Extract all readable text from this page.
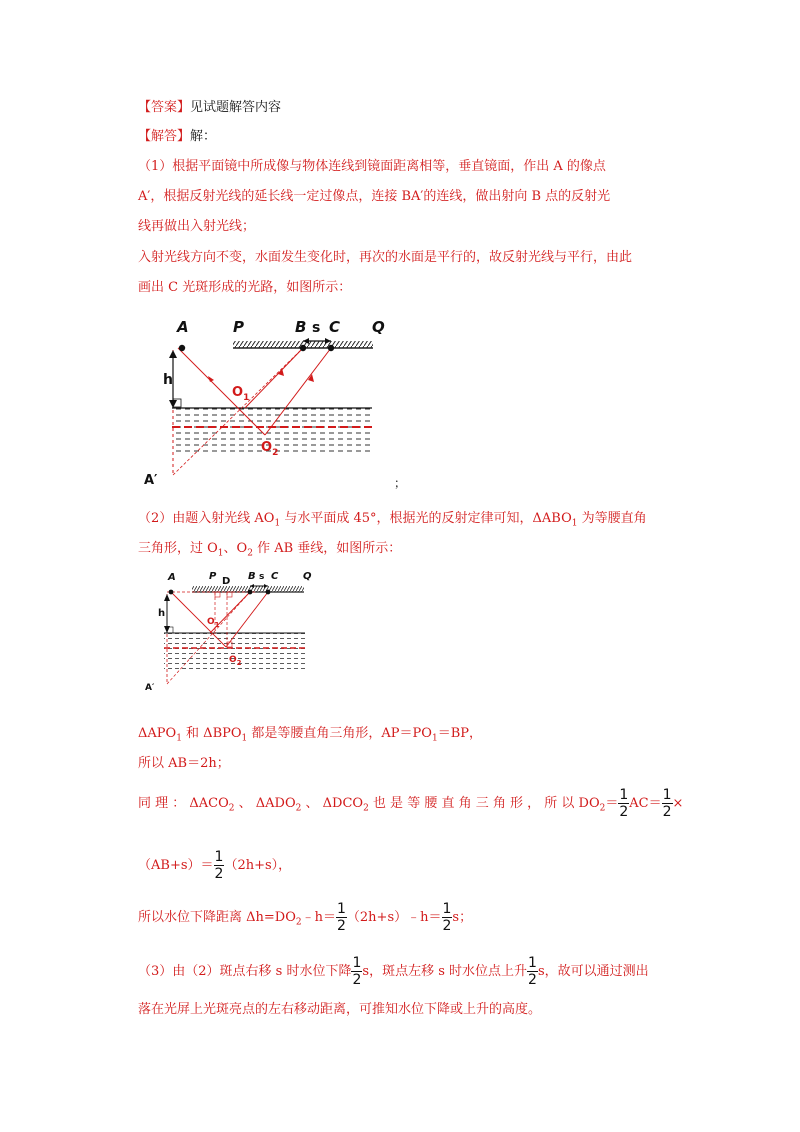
【答案】见试题解答内容
【解答】解：
（1）根据平面镜中所成像与物体连线到镜面距离相等，垂直镜面，作出 A 的像点
A′，根据反射光线的延长线一定过像点，连接 BA′的连线，做出射向 B 点的反射光
线再做出入射光线；
入射光线方向不变，水面发生变化时，再次的水面是平行的，故反射光线与平行，由此
画出 C 光斑形成的光路，如图所示：
A	P	B s C Q
h
$O_1$
$O_2$
A′	；
（2）由题入射光线 $AO_1$ 与水平面成 45°，根据光的反射定律可知，$\Delta ABO_1$ 为等腰直角
三角形，过 $O_1$、$O_2$ 作 AB 垂线，如图所示：
A	P D B s C Q
h
$O_1$
$O_2$
A′
$\Delta APO_1$ 和 $\Delta BPO_1$ 都是等腰直角三角形，$AP=PO_1=BP$，
所以 AB＝2h；
同 理 ： $\Delta ACO_2$ 、 $\Delta ADO_2$ 、 $\Delta DCO_2$ 也 是 等 腰 直 角 三 角 形 ， 所 以 $DO_2= \frac{1}{2} AC= \frac{1}{2}$ ×
$(AB+s)= \frac{1}{2} (2h+s)$，
所以水位下降距离 $\Delta h=DO_2﹣h= \frac{1}{2}$ （2h+s）﹣h＝ $\frac{1}{2}$ s；
（3）由（2）斑点右移 s 时水位下降 $\frac{1}{2}$ s，斑点左移 s 时水位点上升 $\frac{1}{2}$ s，故可以通过测出
落在光屏上光斑亮点的左右移动距离，可推知水位下降或上升的高度。
